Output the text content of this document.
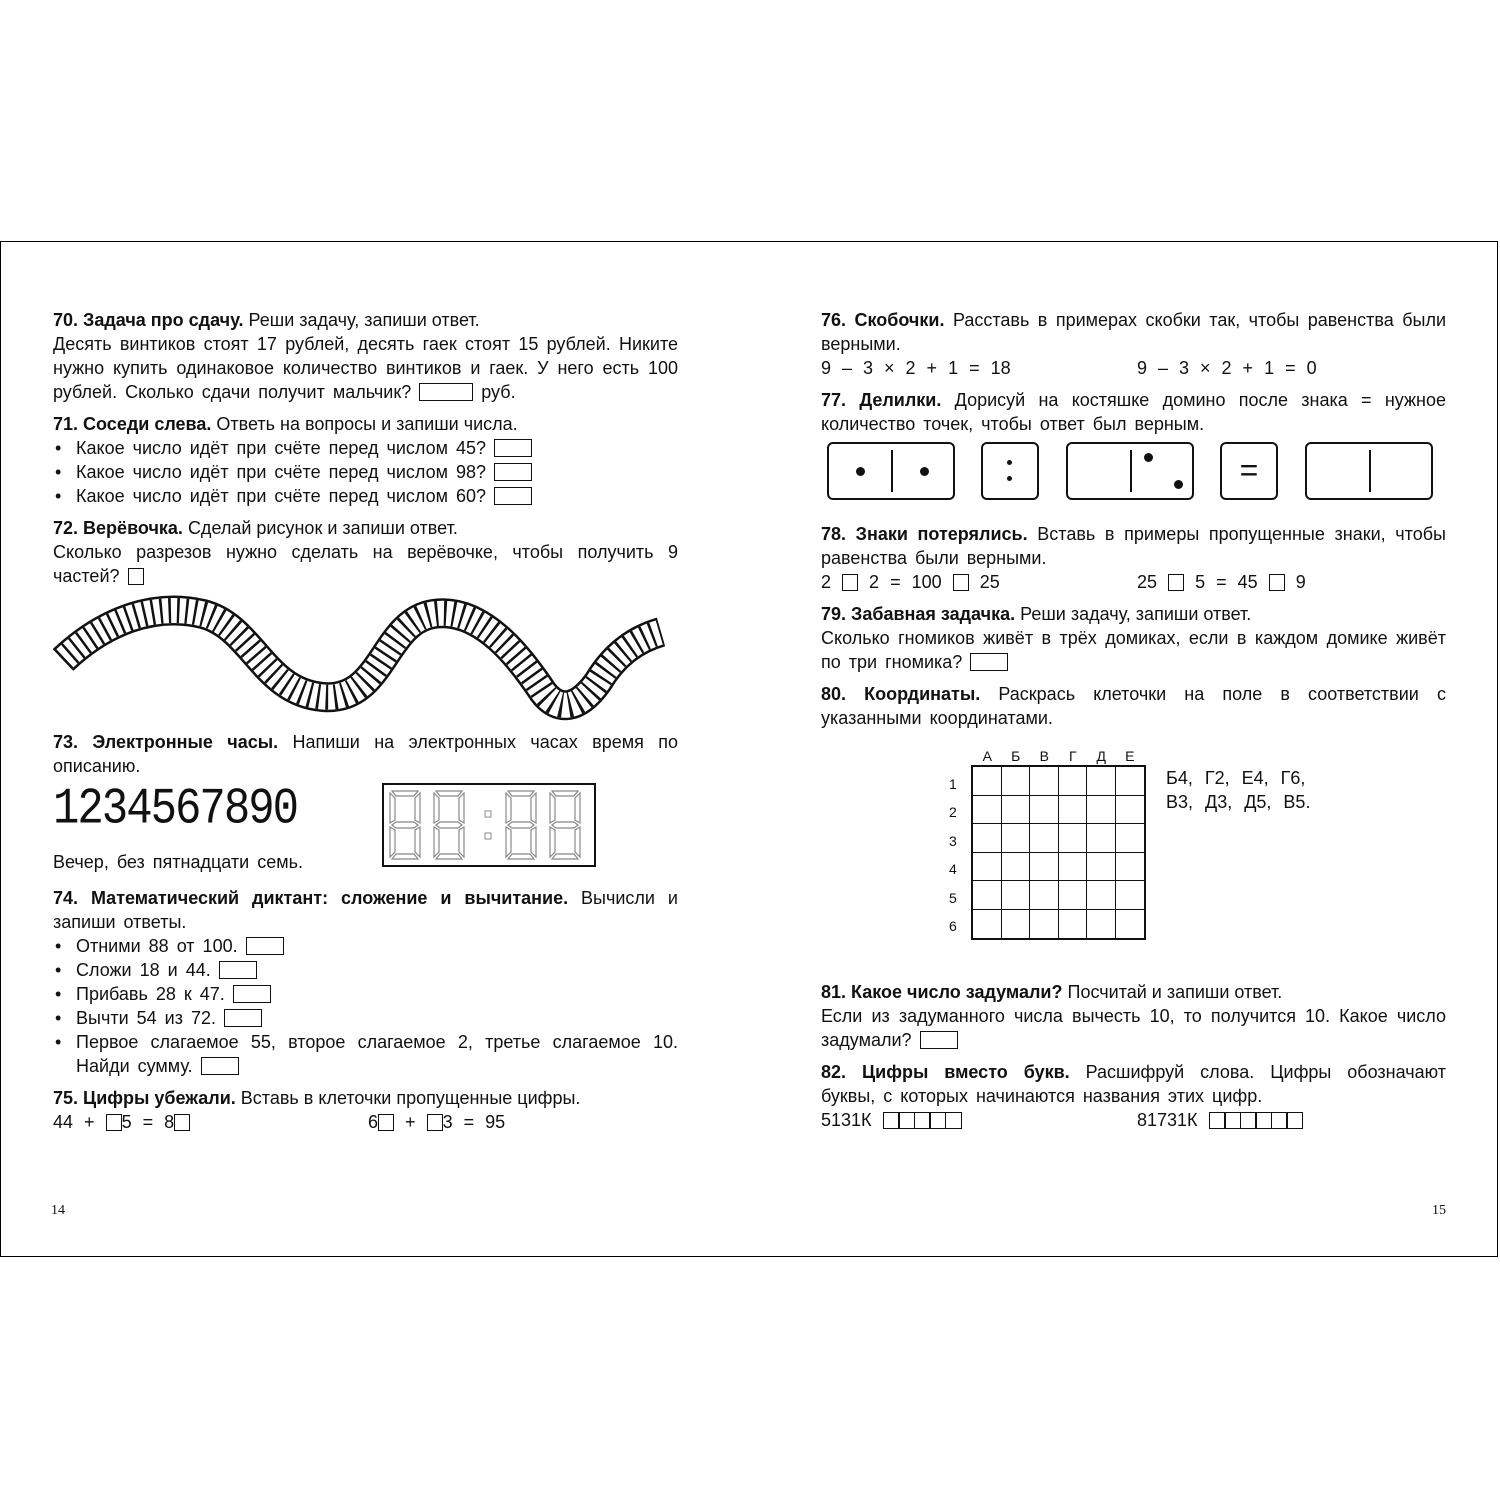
70. Задача про сдачу. Реши задачу, запиши ответ.

Десять винтиков стоят 17 рублей, десять гаек стоят 15 рублей. Никите нужно купить одинаковое количество винтиков и гаек. У него есть 100 рублей. Сколько сдачи получит мальчик?	руб.

71. Соседи слева. Ответь на вопросы и запиши числа.

• Какое число идёт при счёте перед числом 45?
• Какое число идёт при счёте перед числом 98?
• Какое число идёт при счёте перед числом 60?

72. Верёвочка. Сделай рисунок и запиши ответ.

Сколько разрезов нужно сделать на верёвочке, чтобы получить 9 частей?

73. Электронные часы. Напиши на электронных часах время по описанию.

1234567890
Вечер, без пятнадцати семь.

74. Математический диктант: сложение и вычитание. Вычисли и запиши ответы.

• Отними 88 от 100.
• Сложи 18 и 44.
• Прибавь 28 к 47.
• Вычти 54 из 72.
• Первое слагаемое 55, второе слагаемое 2, третье слагаемое 10. Найди сумму.

75. Цифры убежали. Вставь в клеточки пропущенные цифры.

44 + 5 = 8	6 + 3 = 95

76. Скобочки. Расставь в примерах скобки так, чтобы равенства были верными.

9 – 3 × 2 + 1 = 18	9 – 3 × 2 + 1 = 0

77. Делилки. Дорисуй на костяшке домино после знака = нужное количество точек, чтобы ответ был верным.

=

78. Знаки потерялись. Вставь в примеры пропущенные знаки, чтобы равенства были верными.

2 2 = 100 25	25 5 = 45 9

79. Забавная задачка. Реши задачу, запиши ответ.

Сколько гномиков живёт в трёх домиках, если в каждом домике живёт по три гномика?

80. Координаты. Раскрась клеточки на поле в соответствии с указанными координатами.

А	Б	В	Г	Д	Е
1
2
3
4
5
6
Б4, Г2, Е4, Г6,
В3, Д3, Д5, В5.

81. Какое число задумали? Посчитай и запиши ответ.

Если из задуманного числа вычесть 10, то получится 10. Какое число задумали?

82. Цифры вместо букв. Расшифруй слова. Цифры обозначают буквы, с которых начинаются названия этих цифр.

5131К	81731К
14	15
